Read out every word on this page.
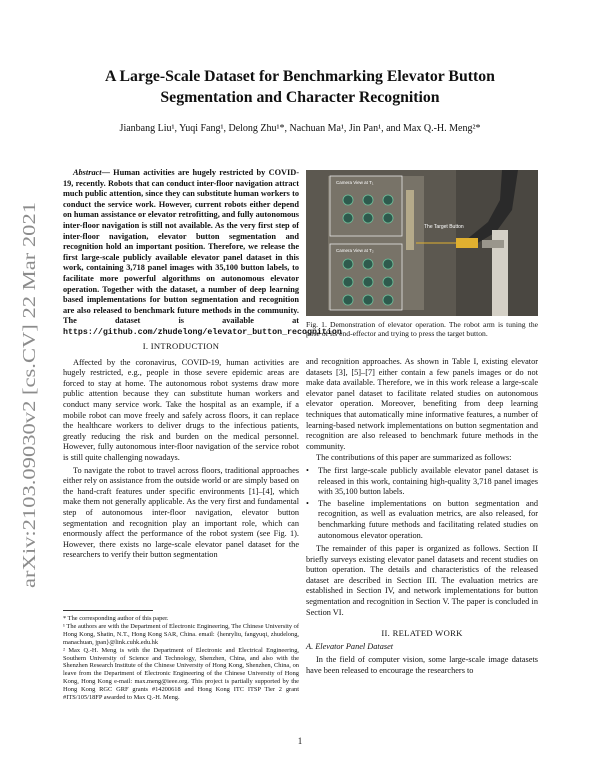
A Large-Scale Dataset for Benchmarking Elevator Button Segmentation and Character Recognition
Jianbang Liu¹, Yuqi Fang¹, Delong Zhu¹*, Nachuan Ma¹, Jin Pan¹, and Max Q.-H. Meng²*
arXiv:2103.09030v2 [cs.CV] 22 Mar 2021

Abstract— Human activities are hugely restricted by COVID-19, recently. Robots that can conduct inter-floor navigation attract much public attention, since they can substitute human workers to conduct the service work. However, current robots either depend on human assistance or elevator retrofitting, and fully autonomous inter-floor navigation is still not available. As the very first step of inter-floor navigation, elevator button segmentation and recognition hold an important position. Therefore, we release the first large-scale publicly available elevator panel dataset in this work, containing 3,718 panel images with 35,100 button labels, to facilitate more powerful algorithms on autonomous elevator operation. Together with the dataset, a number of deep learning based implementations for button segmentation and recognition are also released to benchmark future methods in the community. The dataset is available at https://github.com/zhudelong/elevator_button_recognition

I. INTRODUCTION

Affected by the coronavirus, COVID-19, human activities are hugely restricted, e.g., people in those severe epidemic areas are forced to stay at home. The autonomous robot systems draw more public attention because they can substitute human workers and conduct many service work. Take the hospital as an example, if a mobile robot can move freely and safely across floors, it can replace the healthcare workers to deliver drugs to the infectious patients, greatly reducing the risk and burden on the medical personnel. However, fully autonomous inter-floor navigation of the service robot is still quite challenging nowadays.

To navigate the robot to travel across floors, traditional approaches either rely on assistance from the outside world or are simply based on the hand-craft features under specific environments [1]–[4], which make them not generally applicable. As the very first and fundamental step of autonomous inter-floor navigation, elevator button segmentation and recognition play an important role, which can enormously affect the performance of the robot system (see Fig. 1). However, there exists no large-scale elevator panel dataset for the researchers to verify their button segmentation

* The corresponding author of this paper.

¹ The authors are with the Department of Electronic Engineering, The Chinese University of Hong Kong, Shatin, N.T., Hong Kong SAR, China. email: {henryliu, fangyuqi, zhudelong, manachuan, jpan}@link.cuhk.edu.hk

² Max Q.-H. Meng is with the Department of Electronic and Electrical Engineering, Southern University of Science and Technology, Shenzhen, China, and also with the Shenzhen Research Institute of the Chinese University of Hong Kong, Shenzhen, China, on leave from the Department of Electronic Engineering of the Chinese University of Hong Kong, Hong Kong e-mail: max.meng@ieee.org. This project is partially supported by the Hong Kong RGC GRF grants #14200618 and Hong Kong ITC ITSP Tier 2 grant #ITS/105/18FP awarded to Max Q.-H. Meng.

The Target Button
Camera View at T₁
Camera View at T₂
Fig. 1. Demonstration of elevator operation. The robot arm is tuning the pose of its end-effector and trying to press the target button.

and recognition approaches. As shown in Table I, existing elevator datasets [3], [5]–[7] either contain a few panels images or do not make data available. Therefore, we in this work release a large-scale elevator panel dataset to facilitate related studies on autonomous elevator operation. Moreover, benefiting from deep learning techniques that automatically mine informative features, a number of learning-based network implementations on button segmentation and recognition are also released to benchmark future methods in the community.

The contributions of this paper are summarized as follows:

•	The first large-scale publicly available elevator panel dataset is released in this work, containing high-quality 3,718 panel images with 35,100 button labels.
•	The baseline implementations on button segmentation and recognition, as well as evaluation metrics, are also released, for benchmarking future methods and facilitating related studies on autonomous elevator operation.

The remainder of this paper is organized as follows. Section II briefly surveys existing elevator panel datasets and recent studies on button operation. The details and characteristics of the released dataset are described in Section III. The evaluation metrics are established in Section IV, and network implementations for button segmentation and recognition in Section V. The paper is concluded in Section VI.

II. RELATED WORK

A. Elevator Panel Dataset

In the field of computer vision, some large-scale image datasets have been released to encourage the researchers to

1
